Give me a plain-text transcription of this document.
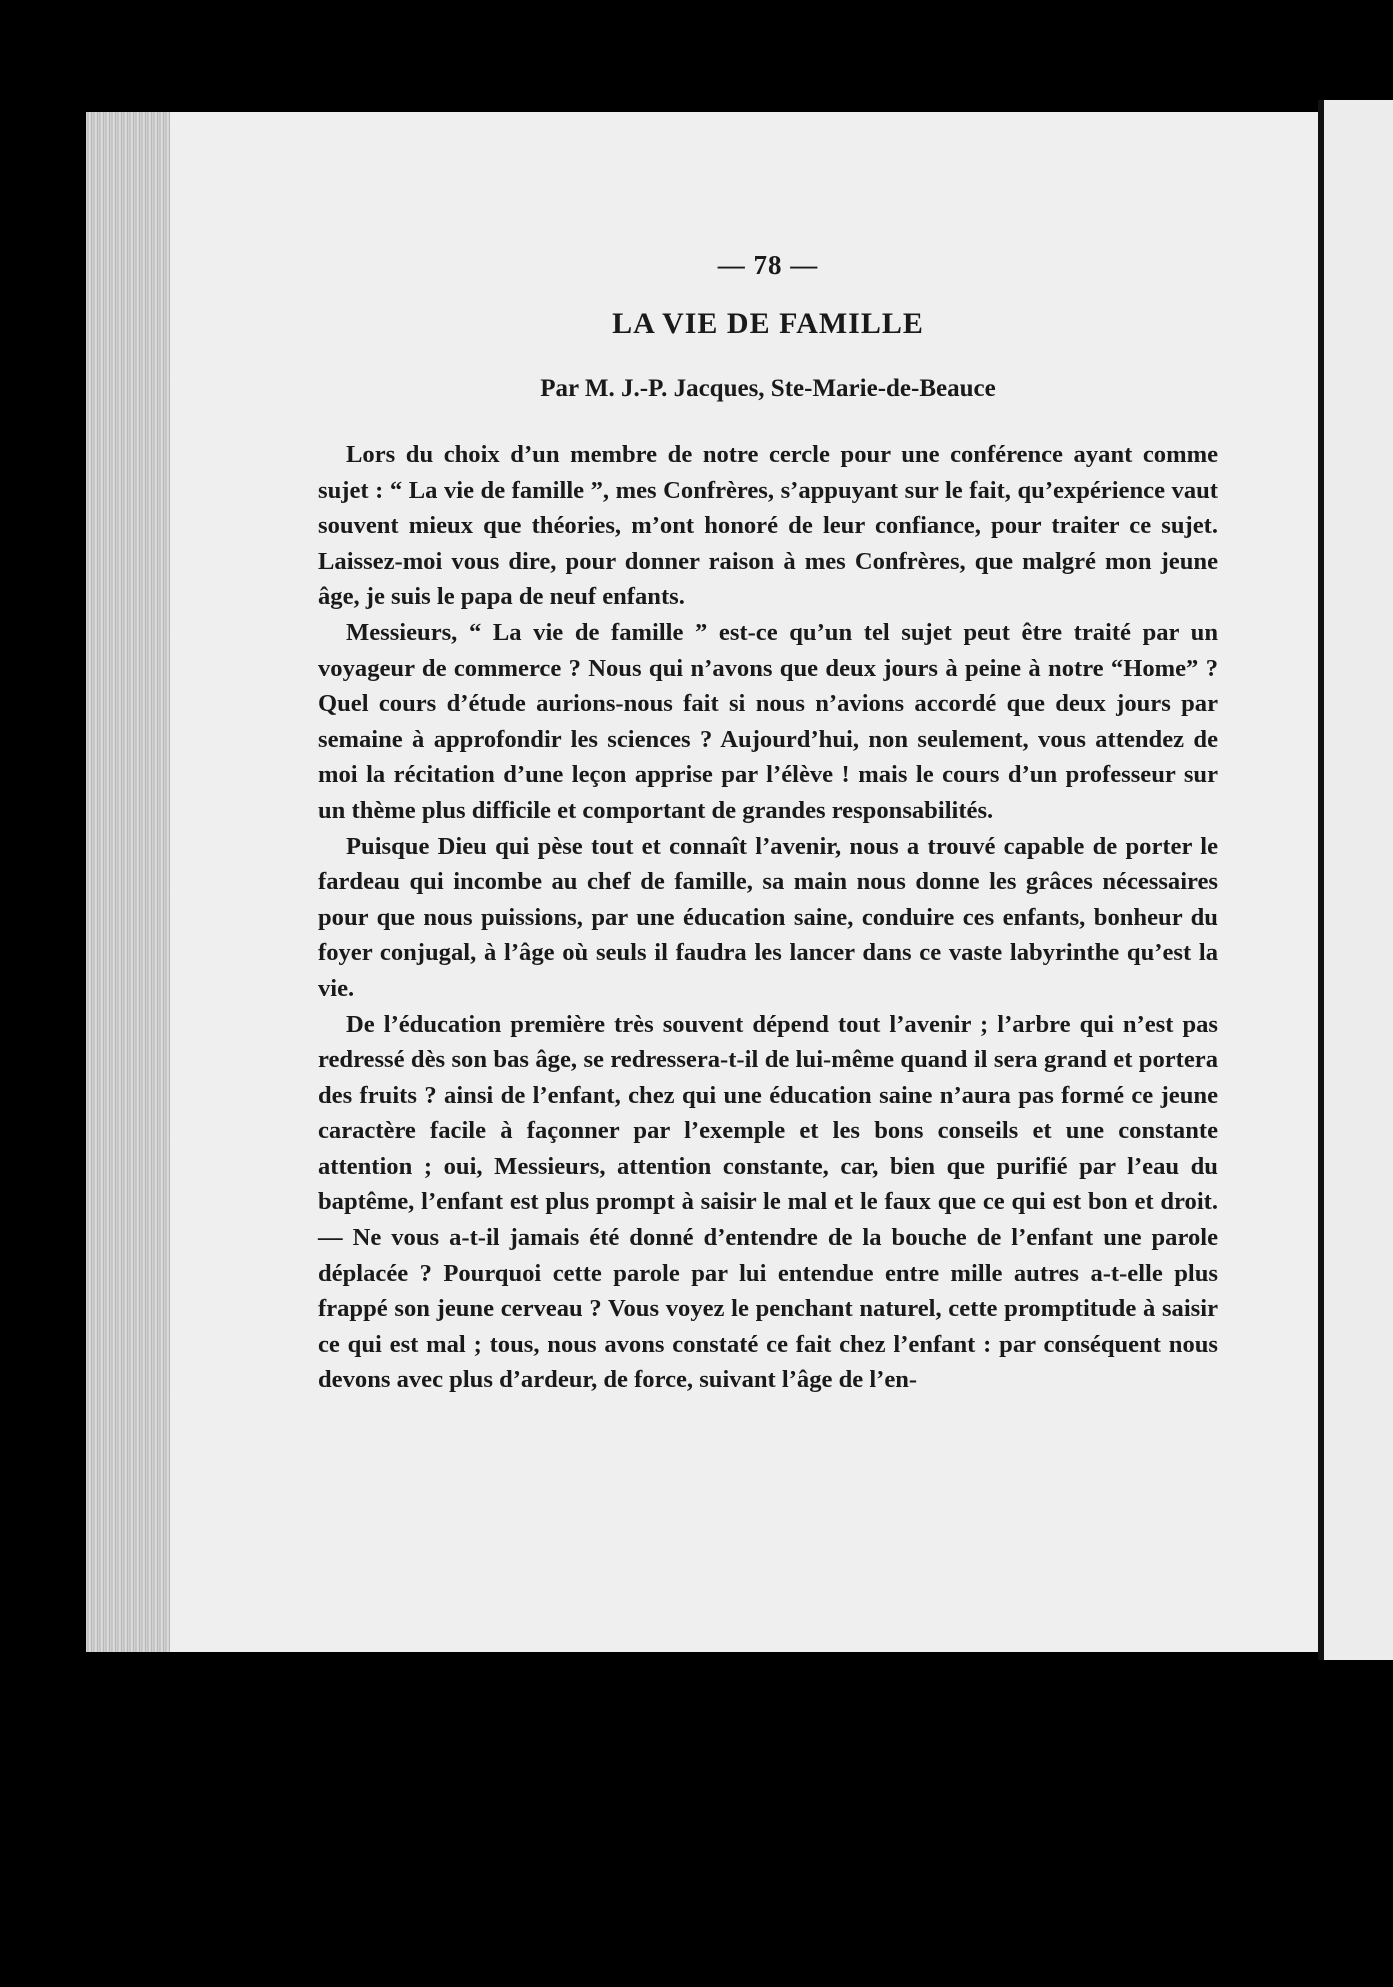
— 78 —
LA VIE DE FAMILLE
Par M. J.-P. Jacques, Ste-Marie-de-Beauce

Lors du choix d’un membre de notre cercle pour une conférence ayant comme sujet : “ La vie de famille ”, mes Confrères, s’appuyant sur le fait, qu’expérience vaut souvent mieux que théories, m’ont honoré de leur confiance, pour traiter ce sujet. Laissez-moi vous dire, pour donner raison à mes Confrères, que malgré mon jeune âge, je suis le papa de neuf enfants.

Messieurs, “ La vie de famille ” est-ce qu’un tel sujet peut être traité par un voyageur de commerce ? Nous qui n’avons que deux jours à peine à notre “Home” ? Quel cours d’étude aurions-nous fait si nous n’avions accordé que deux jours par semaine à approfondir les sciences ? Aujourd’hui, non seulement, vous attendez de moi la récitation d’une leçon apprise par l’élève ! mais le cours d’un professeur sur un thème plus difficile et comportant de grandes responsabilités.

Puisque Dieu qui pèse tout et connaît l’avenir, nous a trouvé capable de porter le fardeau qui incombe au chef de famille, sa main nous donne les grâces nécessaires pour que nous puissions, par une éducation saine, conduire ces enfants, bonheur du foyer conjugal, à l’âge où seuls il faudra les lancer dans ce vaste labyrinthe qu’est la vie.

De l’éducation première très souvent dépend tout l’avenir ; l’arbre qui n’est pas redressé dès son bas âge, se redressera-t-il de lui-même quand il sera grand et portera des fruits ? ainsi de l’enfant, chez qui une éducation saine n’aura pas formé ce jeune caractère facile à façonner par l’exemple et les bons conseils et une constante attention ; oui, Messieurs, attention constante, car, bien que purifié par l’eau du baptême, l’enfant est plus prompt à saisir le mal et le faux que ce qui est bon et droit.— Ne vous a-t-il jamais été donné d’entendre de la bouche de l’enfant une parole déplacée ? Pourquoi cette parole par lui entendue entre mille autres a-t-elle plus frappé son jeune cerveau ? Vous voyez le penchant naturel, cette promptitude à saisir ce qui est mal ; tous, nous avons constaté ce fait chez l’enfant : par conséquent nous devons avec plus d’ardeur, de force, suivant l’âge de l’en-
